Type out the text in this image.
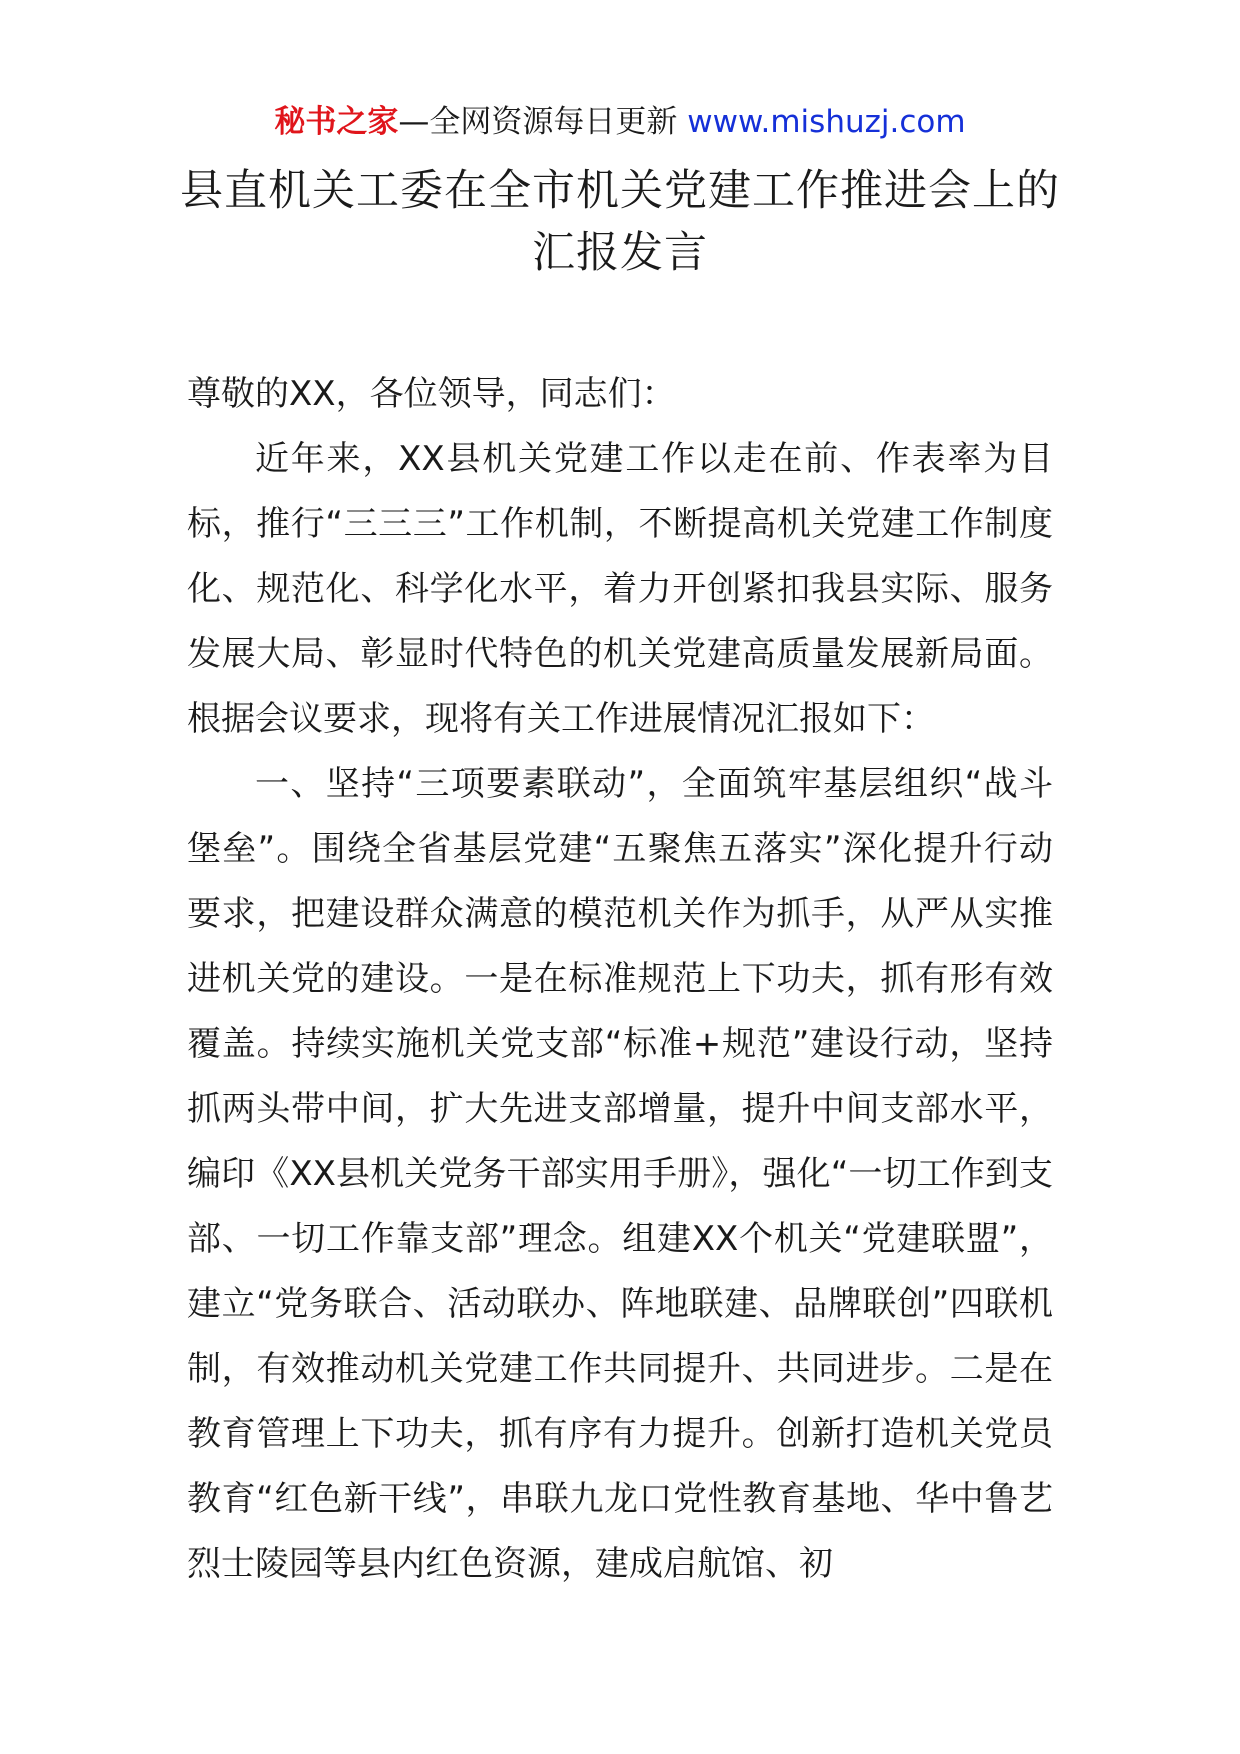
秘书之家—全网资源每日更新 www.mishuzj.com
县直机关工委在全市机关党建工作推进会上的
汇报发言

尊敬的XX，各位领导，同志们：

近年来，XX县机关党建工作以走在前、作表率为目标，推行“三三三”工作机制，不断提高机关党建工作制度化、规范化、科学化水平，着力开创紧扣我县实际、服务发展大局、彰显时代特色的机关党建高质量发展新局面。根据会议要求，现将有关工作进展情况汇报如下：

一、坚持“三项要素联动”，全面筑牢基层组织“战斗堡垒”。围绕全省基层党建“五聚焦五落实”深化提升行动要求，把建设群众满意的模范机关作为抓手，从严从实推进机关党的建设。一是在标准规范上下功夫，抓有形有效覆盖。持续实施机关党支部“标准+规范”建设行动，坚持抓两头带中间，扩大先进支部增量，提升中间支部水平，编印《XX县机关党务干部实用手册》，强化“一切工作到支部、一切工作靠支部”理念。组建XX个机关“党建联盟”，建立“党务联合、活动联办、阵地联建、品牌联创”四联机制，有效推动机关党建工作共同提升、共同进步。二是在教育管理上下功夫，抓有序有力提升。创新打造机关党员教育“红色新干线”，串联九龙口党性教育基地、华中鲁艺烈士陵园等县内红色资源，建成启航馆、初
